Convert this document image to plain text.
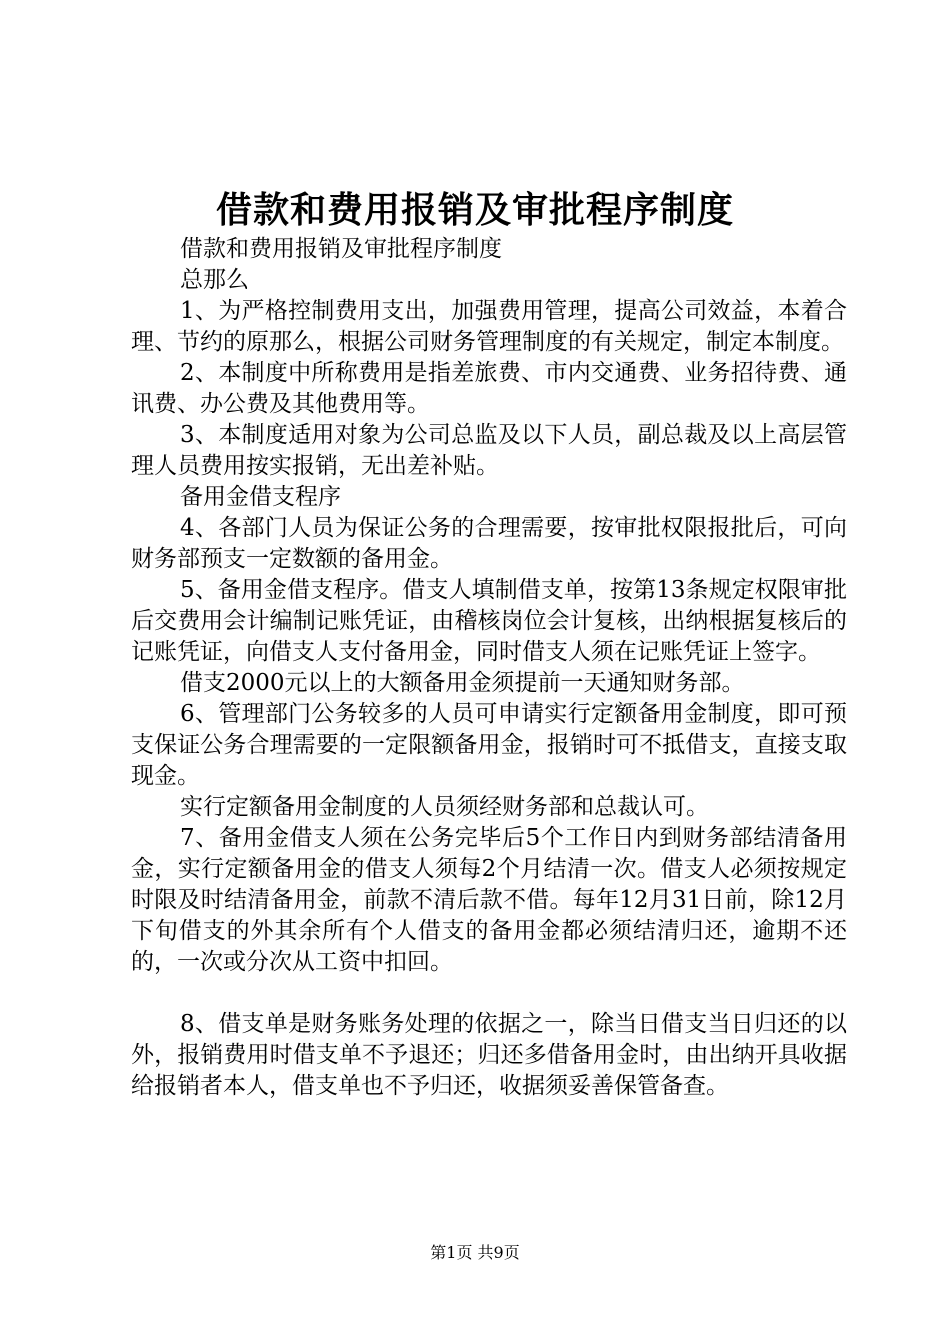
借款和费用报销及审批程序制度

借款和费用报销及审批程序制度

总那么

1、为严格控制费用支出，加强费用管理，提高公司效益，本着合理、节约的原那么，根据公司财务管理制度的有关规定，制定本制度。

2、本制度中所称费用是指差旅费、市内交通费、业务招待费、通讯费、办公费及其他费用等。

3、本制度适用对象为公司总监及以下人员，副总裁及以上高层管理人员费用按实报销，无出差补贴。

备用金借支程序

4、各部门人员为保证公务的合理需要，按审批权限报批后，可向财务部预支一定数额的备用金。

5、备用金借支程序。借支人填制借支单，按第13条规定权限审批后交费用会计编制记账凭证，由稽核岗位会计复核，出纳根据复核后的记账凭证，向借支人支付备用金，同时借支人须在记账凭证上签字。

借支2000元以上的大额备用金须提前一天通知财务部。

6、管理部门公务较多的人员可申请实行定额备用金制度，即可预支保证公务合理需要的一定限额备用金，报销时可不抵借支，直接支取现金。

实行定额备用金制度的人员须经财务部和总裁认可。

7、备用金借支人须在公务完毕后5个工作日内到财务部结清备用金，实行定额备用金的借支人须每2个月结清一次。借支人必须按规定时限及时结清备用金，前款不清后款不借。每年12月31日前，除12月下旬借支的外其余所有个人借支的备用金都必须结清归还，逾期不还的，一次或分次从工资中扣回。

8、借支单是财务账务处理的依据之一，除当日借支当日归还的以外，报销费用时借支单不予退还；归还多借备用金时，由出纳开具收据给报销者本人，借支单也不予归还，收据须妥善保管备查。

第1页 共9页
